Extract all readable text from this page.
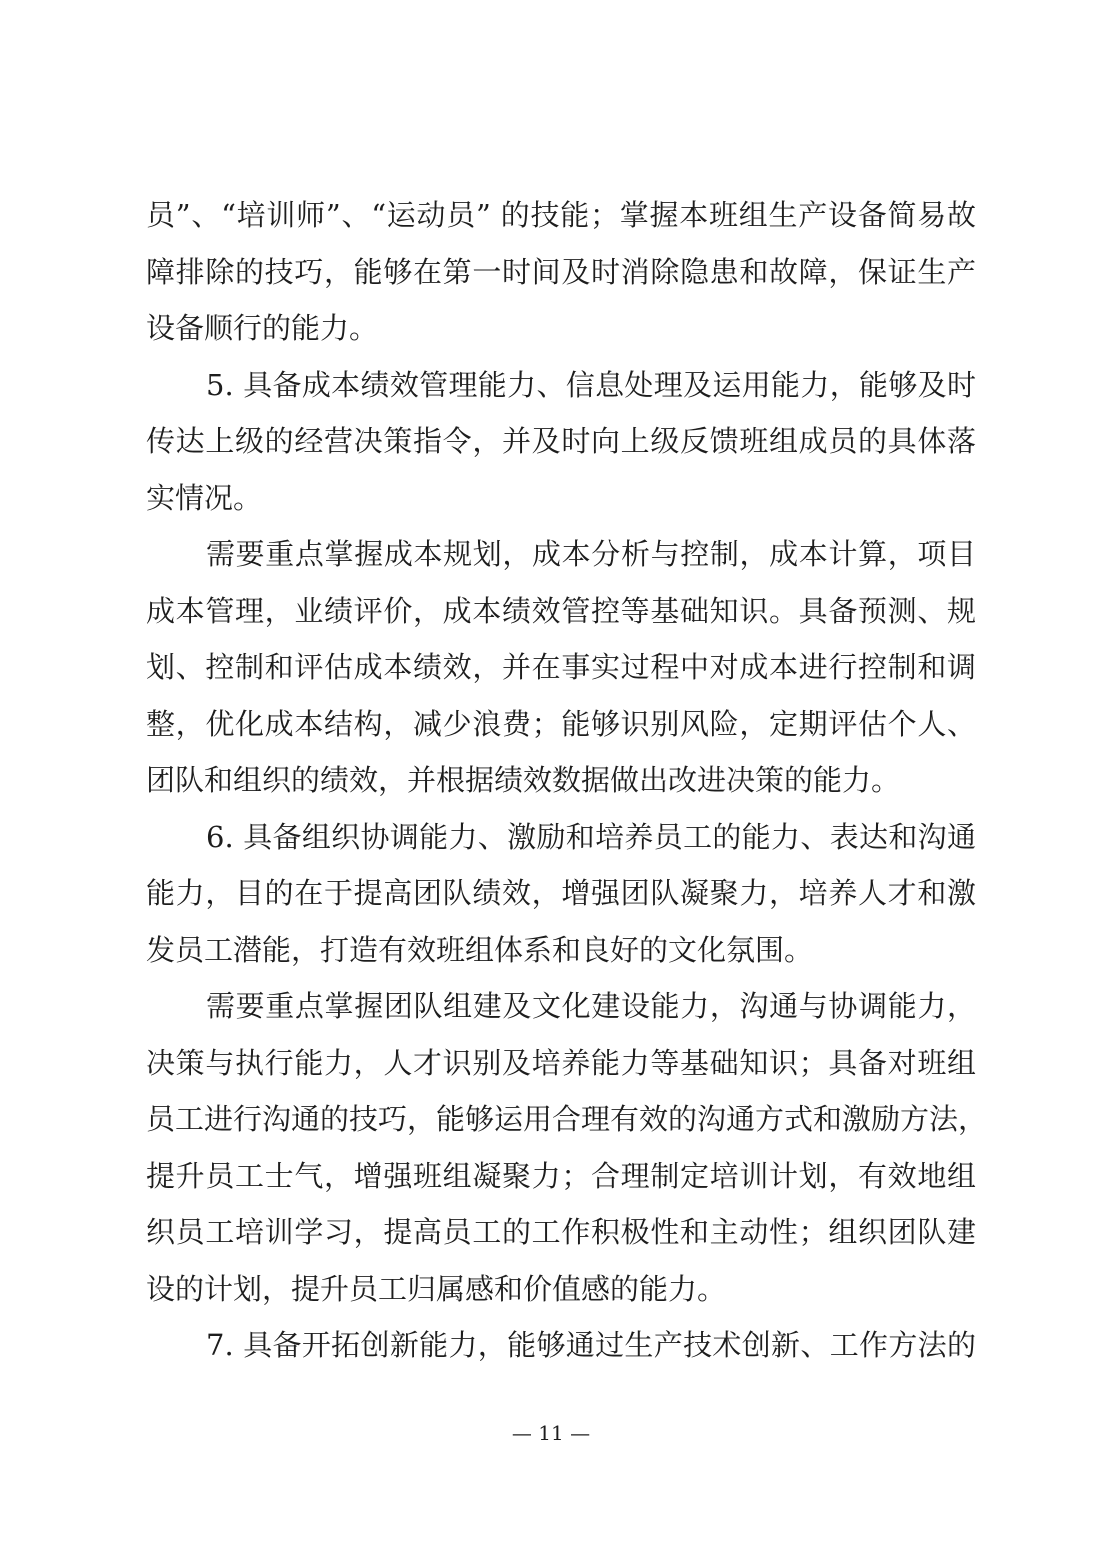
员”、“培训师”、“运动员” 的技能；掌握本班组生产设备简易故
障排除的技巧，能够在第一时间及时消除隐患和故障，保证生产
设备顺行的能力。
5. 具备成本绩效管理能力、信息处理及运用能力，能够及时
传达上级的经营决策指令，并及时向上级反馈班组成员的具体落
实情况。
需要重点掌握成本规划，成本分析与控制，成本计算，项目
成本管理，业绩评价，成本绩效管控等基础知识。具备预测、规
划、控制和评估成本绩效，并在事实过程中对成本进行控制和调
整，优化成本结构，减少浪费；能够识别风险，定期评估个人、
团队和组织的绩效，并根据绩效数据做出改进决策的能力。
6. 具备组织协调能力、激励和培养员工的能力、表达和沟通
能力，目的在于提高团队绩效，增强团队凝聚力，培养人才和激
发员工潜能，打造有效班组体系和良好的文化氛围。
需要重点掌握团队组建及文化建设能力，沟通与协调能力，
决策与执行能力，人才识别及培养能力等基础知识；具备对班组
员工进行沟通的技巧，能够运用合理有效的沟通方式和激励方法，
提升员工士气，增强班组凝聚力；合理制定培训计划，有效地组
织员工培训学习，提高员工的工作积极性和主动性；组织团队建
设的计划，提升员工归属感和价值感的能力。
7. 具备开拓创新能力，能够通过生产技术创新、工作方法的
— 11 —
